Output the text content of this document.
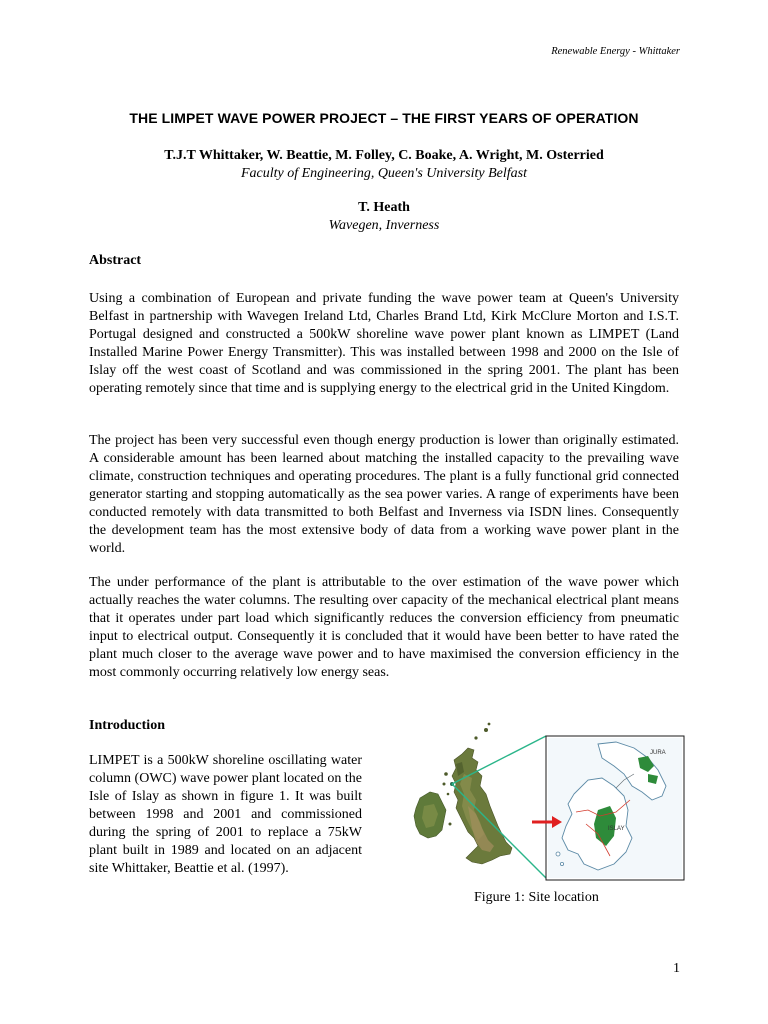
Renewable Energy - Whittaker
THE LIMPET WAVE POWER PROJECT – THE FIRST YEARS OF OPERATION
T.J.T Whittaker, W. Beattie, M. Folley, C. Boake, A. Wright, M. Osterried
Faculty of Engineering, Queen's University Belfast
T. Heath
Wavegen, Inverness
Abstract

Using a combination of European and private funding the wave power team at Queen's University Belfast in partnership with Wavegen Ireland Ltd, Charles Brand Ltd, Kirk McClure Morton and I.S.T. Portugal designed and constructed a 500kW shoreline wave power plant known as LIMPET (Land Installed Marine Power Energy Transmitter). This was installed between 1998 and 2000 on the Isle of Islay off the west coast of Scotland and was commissioned in the spring 2001. The plant has been operating remotely since that time and is supplying energy to the electrical grid in the United Kingdom.

The project has been very successful even though energy production is lower than originally estimated. A considerable amount has been learned about matching the installed capacity to the prevailing wave climate, construction techniques and operating procedures. The plant is a fully functional grid connected generator starting and stopping automatically as the sea power varies. A range of experiments have been conducted remotely with data transmitted to both Belfast and Inverness via ISDN lines. Consequently the development team has the most extensive body of data from a working wave power plant in the world.

The under performance of the plant is attributable to the over estimation of the wave power which actually reaches the water columns. The resulting over capacity of the mechanical electrical plant means that it operates under part load which significantly reduces the conversion efficiency from pneumatic input to electrical output. Consequently it is concluded that it would have been better to have rated the plant much closer to the average wave power and to have maximised the conversion efficiency in the most commonly occurring relatively low energy seas.

Introduction

LIMPET is a 500kW shoreline oscillating water column (OWC) wave power plant located on the Isle of Islay as shown in figure 1. It was built between 1998 and 2001 and commissioned during the spring of 2001 to replace a 75kW plant built in 1989 and located on an adjacent site Whittaker, Beattie et al. (1997).

JURA
ISLAY
Figure 1: Site location
1
